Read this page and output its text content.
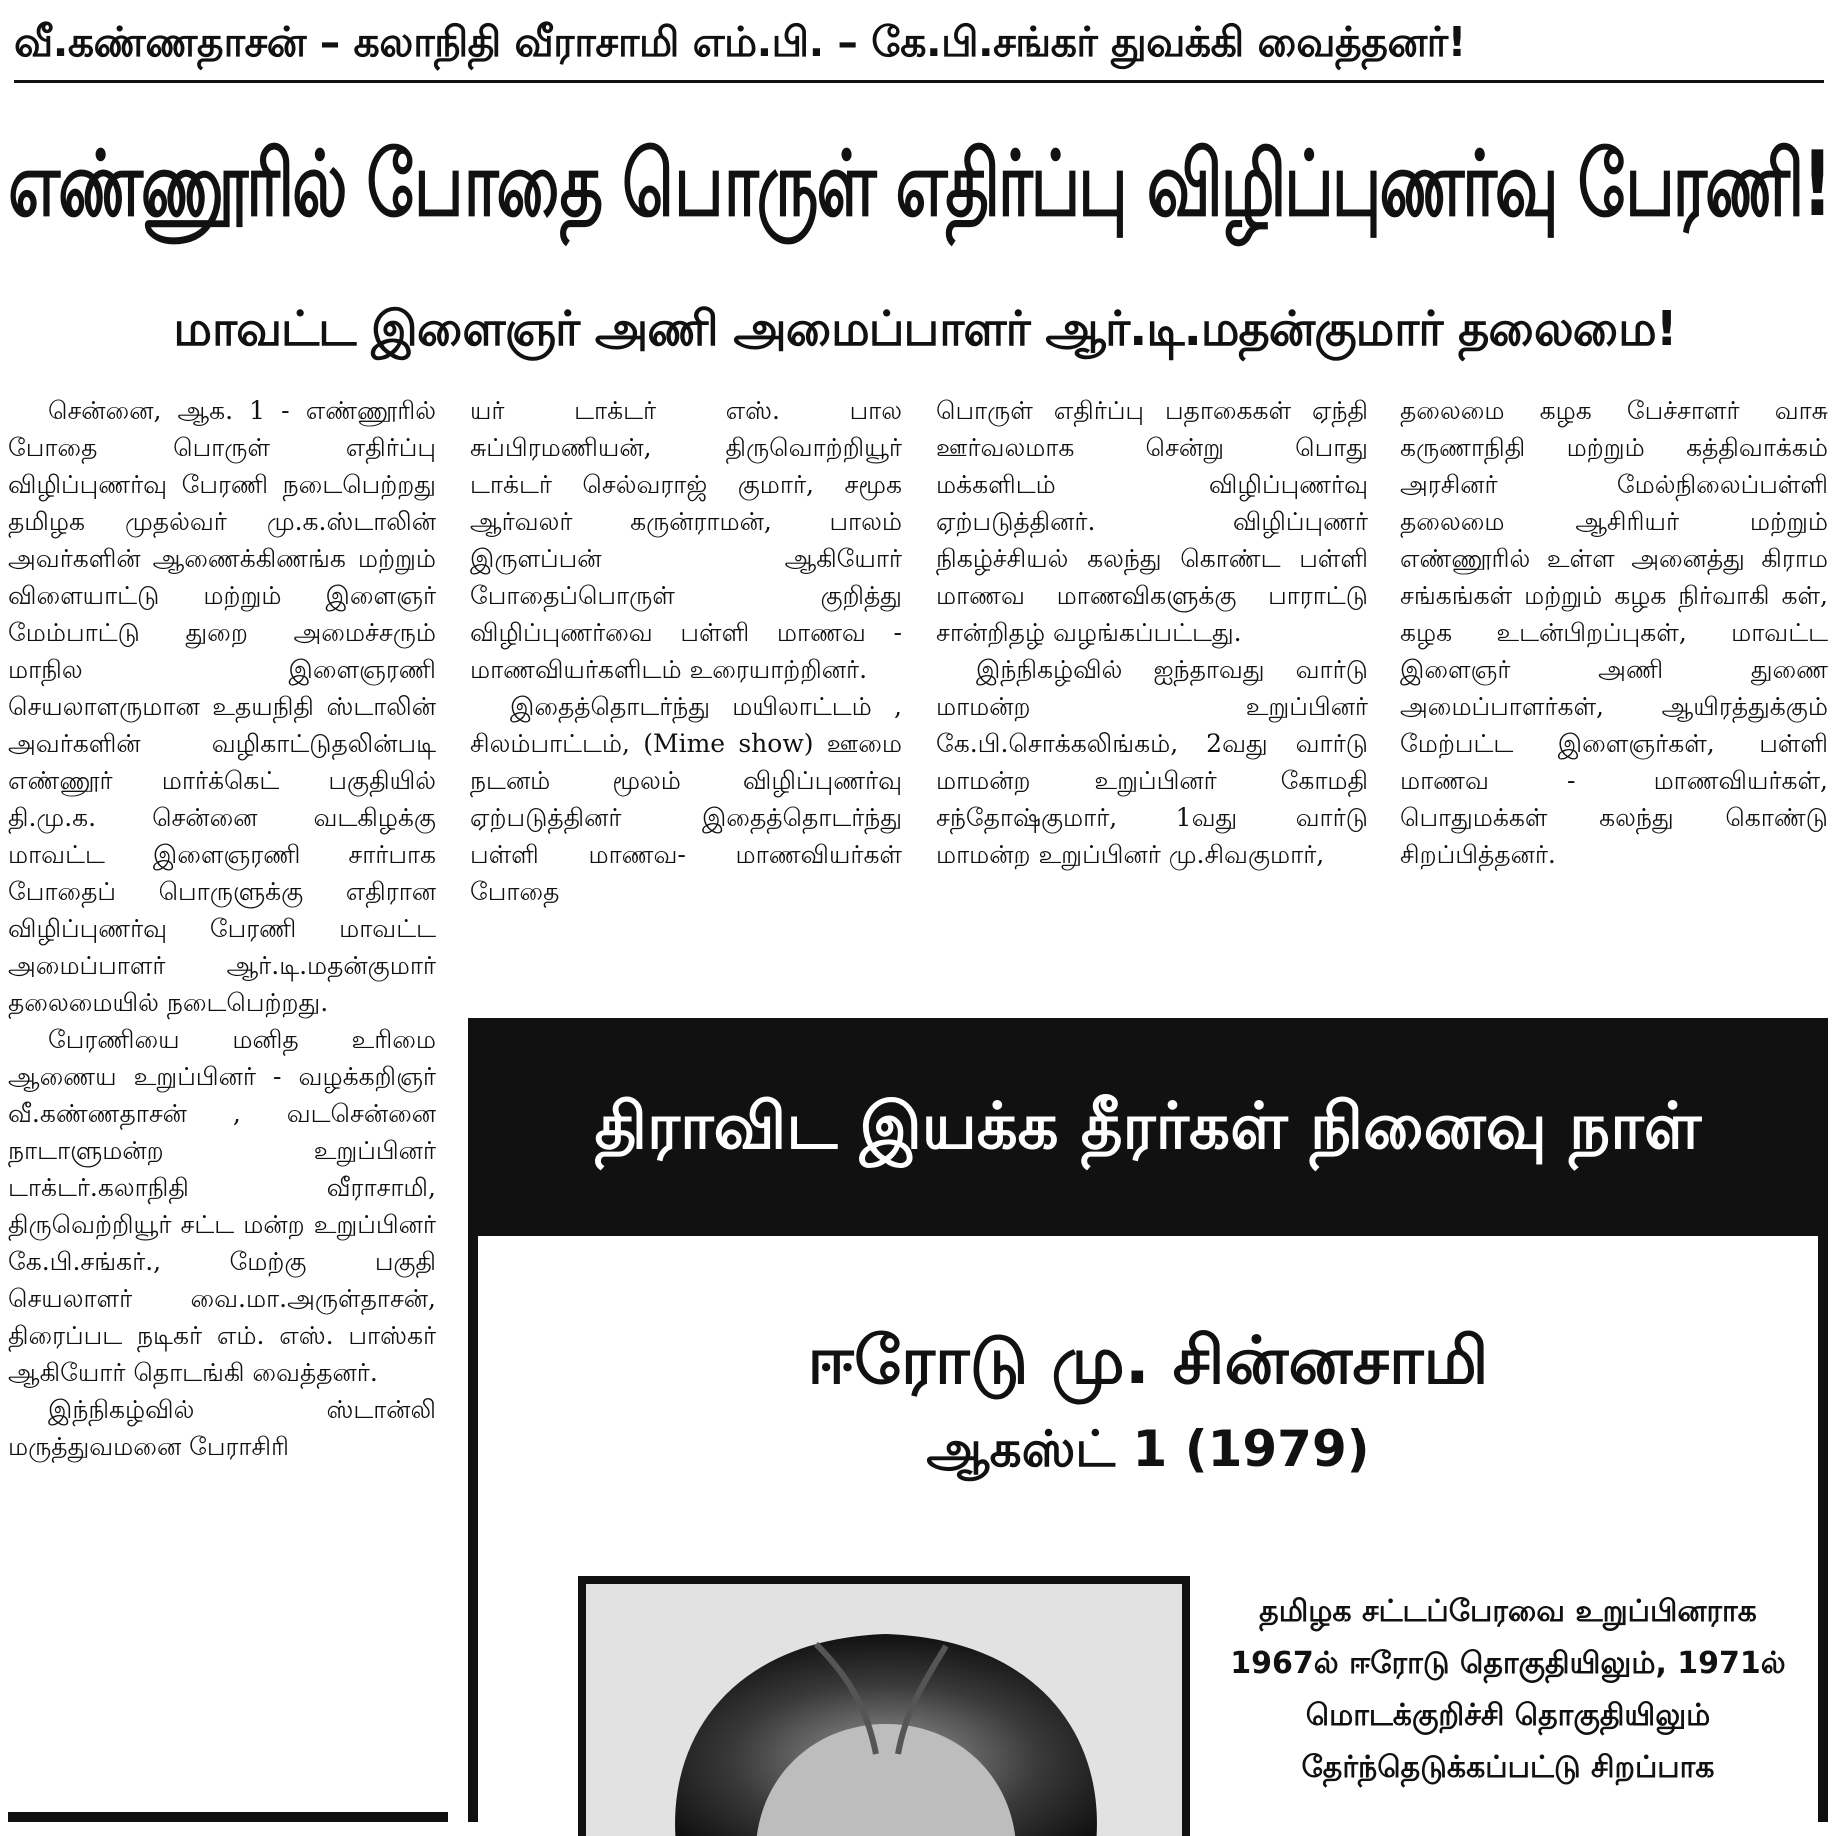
வீ.கண்ணதாசன் – கலாநிதி வீராசாமி எம்.பி. – கே.பி.சங்கர் துவக்கி வைத்தனர்!
எண்ணூரில் போதை பொருள் எதிர்ப்பு விழிப்புணர்வு பேரணி!
மாவட்ட இளைஞர் அணி அமைப்பாளர் ஆர்.டி.மதன்குமார் தலைமை!

சென்னை, ஆக. 1 - எண்ணூரில் போதை பொருள் எதிர்ப்பு விழிப்புணர்வு பேரணி நடைபெற்றது தமிழக முதல்வர் மு.க.ஸ்டாலின் அவர்களின் ஆணைக்கிணங்க மற்றும் விளையாட்டு மற்றும் இளைஞர் மேம்பாட்டு துறை அமைச்சரும் மாநில இளைஞரணி செயலாளருமான உதயநிதி ஸ்டாலின் அவர்களின் வழிகாட்டுதலின்படி எண்ணூர் மார்க்கெட் பகுதியில் தி.மு.க. சென்னை வடகிழக்கு மாவட்ட இளைஞரணி சார்பாக போதைப் பொருளுக்கு எதிரான விழிப்புணர்வு பேரணி மாவட்ட அமைப்பாளர் ஆர்.டி.மதன்குமார் தலைமையில் நடைபெற்றது.

பேரணியை மனித உரிமை ஆணைய உறுப்பினர் - வழக்கறிஞர் வீ.கண்ணதாசன் , வடசென்னை நாடாளுமன்ற உறுப்பினர் டாக்டர்.கலாநிதி வீராசாமி, திருவெற்றியூர் சட்ட மன்ற உறுப்பினர் கே.பி.சங்கர்., மேற்கு பகுதி செயலாளர் வை.மா.அருள்தாசன், திரைப்பட நடிகர் எம். எஸ். பாஸ்கர் ஆகியோர் தொடங்கி வைத்தனர்.

இந்நிகழ்வில் ஸ்டான்லி மருத்துவமனை பேராசிரி

யர் டாக்டர் எஸ். பால சுப்பிரமணியன், திருவொற்றியூர் டாக்டர் செல்வராஜ் குமார், சமூக ஆர்வலர் கருன்ராமன், பாலம் இருளப்பன் ஆகியோர் போதைப்பொருள் குறித்து விழிப்புணர்வை பள்ளி மாணவ - மாணவியர்களிடம் உரையாற்றினர்.

இதைத்தொடர்ந்து மயிலாட்டம் , சிலம்பாட்டம், (Mime show) ஊமை நடனம் மூலம் விழிப்புணர்வு ஏற்படுத்தினர் இதைத்தொடர்ந்து பள்ளி மாணவ- மாணவியர்கள் போதை

பொருள் எதிர்ப்பு பதாகைகள் ஏந்தி ஊர்வலமாக சென்று பொது மக்களிடம் விழிப்புணர்வு ஏற்படுத்தினர். விழிப்புணர் நிகழ்ச்சியல் கலந்து கொண்ட பள்ளி மாணவ மாணவிகளுக்கு பாராட்டு சான்றிதழ் வழங்கப்பட்டது.

இந்நிகழ்வில் ஐந்தாவது வார்டு மாமன்ற உறுப்பினர் கே.பி.சொக்கலிங்கம், 2வது வார்டு மாமன்ற உறுப்பினர் கோமதி சந்தோஷ்குமார், 1வது வார்டு மாமன்ற உறுப்பினர் மு.சிவகுமார்,

தலைமை கழக பேச்சாளர் வாசு கருணாநிதி மற்றும் கத்திவாக்கம் அரசினர் மேல்நிலைப்பள்ளி தலைமை ஆசிரியர் மற்றும் எண்ணூரில் உள்ள அனைத்து கிராம சங்கங்கள் மற்றும் கழக நிர்வாகி கள், கழக உடன்பிறப்புகள், மாவட்ட இளைஞர் அணி துணை அமைப்பாளர்கள், ஆயிரத்துக்கும் மேற்பட்ட இளைஞர்கள், பள்ளி மாணவ - மாணவியர்கள், பொதுமக்கள் கலந்து கொண்டு சிறப்பித்தனர்.

திராவிட இயக்க தீரர்கள் நினைவு நாள்
ஈரோடு மு. சின்னசாமி
ஆகஸ்ட் 1 (1979)
தமிழக சட்டப்பேரவை உறுப்பினராக 1967ல் ஈரோடு தொகுதியிலும், 1971ல் மொடக்குறிச்சி தொகுதியிலும் தேர்ந்தெடுக்கப்பட்டு சிறப்பாக
